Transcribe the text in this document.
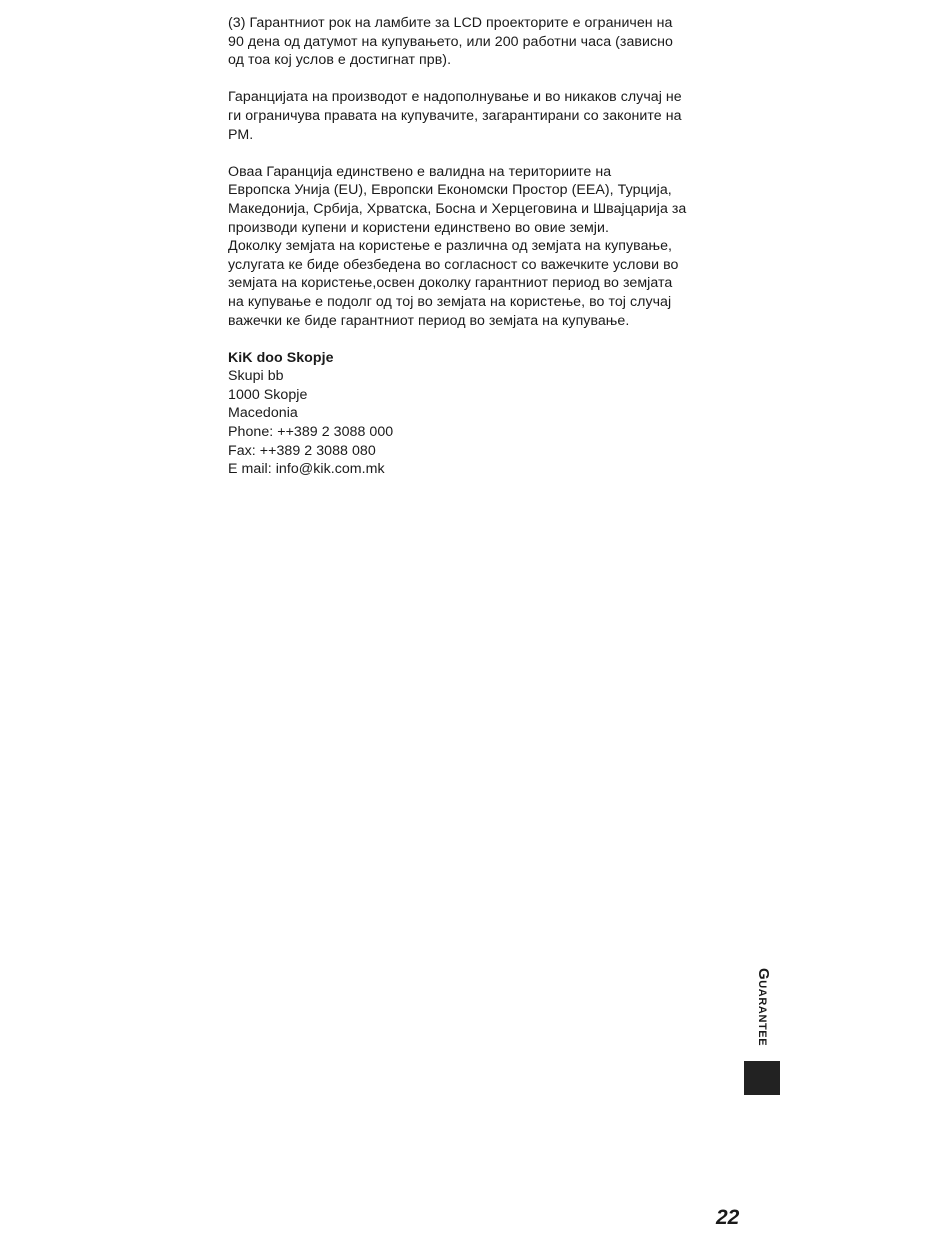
(3) Гарантниот рок на ламбите за LCD проекторите е ограничен на
90 дена од датумот на купувањето, или 200 работни часа (зависно
од тоа кој услов е достигнат прв).

Гаранцијата на производот е надополнување и во никаков случај не
ги ограничува правата на купувачите, загарантирани со законите на
РМ.

Оваа Гаранција единствено е валидна на териториите на
Европска Унија (EU), Европски Економски Простор (EEA), Турција,
Македонија, Србија, Хрватска, Босна и Херцеговина и Швајцарија за
производи купени и користени единствено во овие земји.
Доколку земјата на користење е различна од земјата на купување,
услугата ке биде обезбедена во согласност со важечките услови во
земјата на користење,освен доколку гарантниот период во земјата
на купување е подолг од тој во земјата на користење, во тој случај
важечки ке биде гарантниот период во земјата на купување.

KiK doo Skopje
Skupi bb
1000 Skopje
Macedonia
Phone: ++389 2 3088 000
Fax: ++389 2 3088 080
E mail: info@kik.com.mk
Guarantee
22
